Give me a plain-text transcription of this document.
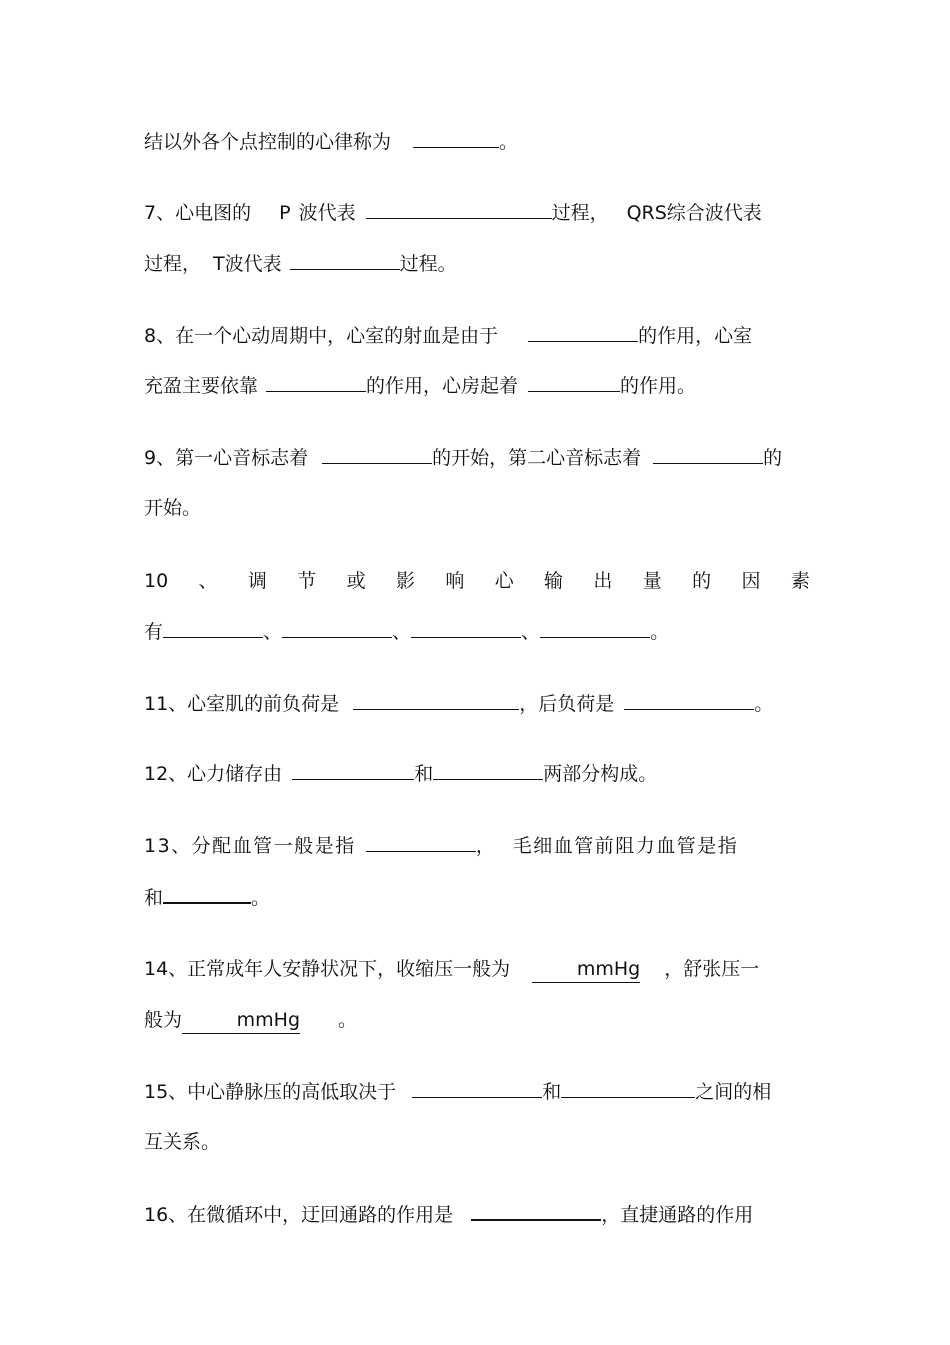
结以外各个点控制的心律称为	。
7、心电图的 P 波代表	过程， QRS综合波代表
过程， T波代表	过程。
8、在一个心动周期中，心室的射血是由于	的作用，心室
充盈主要依靠	的作用，心房起着	的作用。
9、第一心音标志着	的开始，第二心音标志着	的
开始。
10 、 调 节 或 影 响 心 输 出 量 的 因 素
有	、	、	、	。
11、心室肌的前负荷是	，后负荷是	。
12、心力储存由	和	两部分构成。
13、分配血管一般是指	， 毛细血管前阻力血管是指
和	。
14、正常成年人安静状况下，收缩压一般为	mmHg ，舒张压一
般为	mmHg 。
15、中心静脉压的高低取决于	和	之间的相
互关系。
16、在微循环中，迂回通路的作用是	，直捷通路的作用
